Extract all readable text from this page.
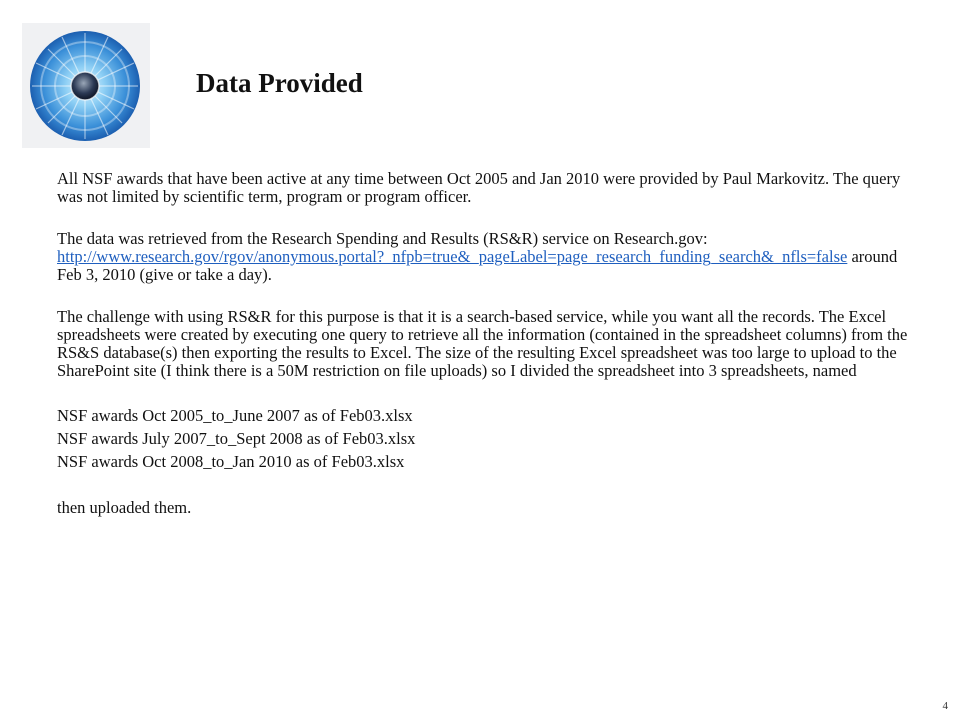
Data Provided

All NSF awards that have been active at any time between Oct 2005 and Jan 2010 were provided by Paul Markovitz. The query was not limited by scientific term, program or program officer.

The data was retrieved from the Research Spending and Results (RS&R) service on Research.gov: http://www.research.gov/rgov/anonymous.portal?_nfpb=true&_pageLabel=page_research_funding_search&_nfls=false around Feb 3, 2010 (give or take a day).

The challenge with using RS&R for this purpose is that it is a search-based service, while you want all the records. The Excel spreadsheets were created by executing one query to retrieve all the information (contained in the spreadsheet columns) from the RS&S database(s) then exporting the results to Excel. The size of the resulting Excel spreadsheet was too large to upload to the SharePoint site (I think there is a 50M restriction on file uploads) so I divided the spreadsheet into 3 spreadsheets, named

NSF awards Oct 2005_to_June 2007 as of Feb03.xlsx
NSF awards July 2007_to_Sept 2008 as of Feb03.xlsx
NSF awards Oct 2008_to_Jan 2010 as of Feb03.xlsx

then uploaded them.

4
